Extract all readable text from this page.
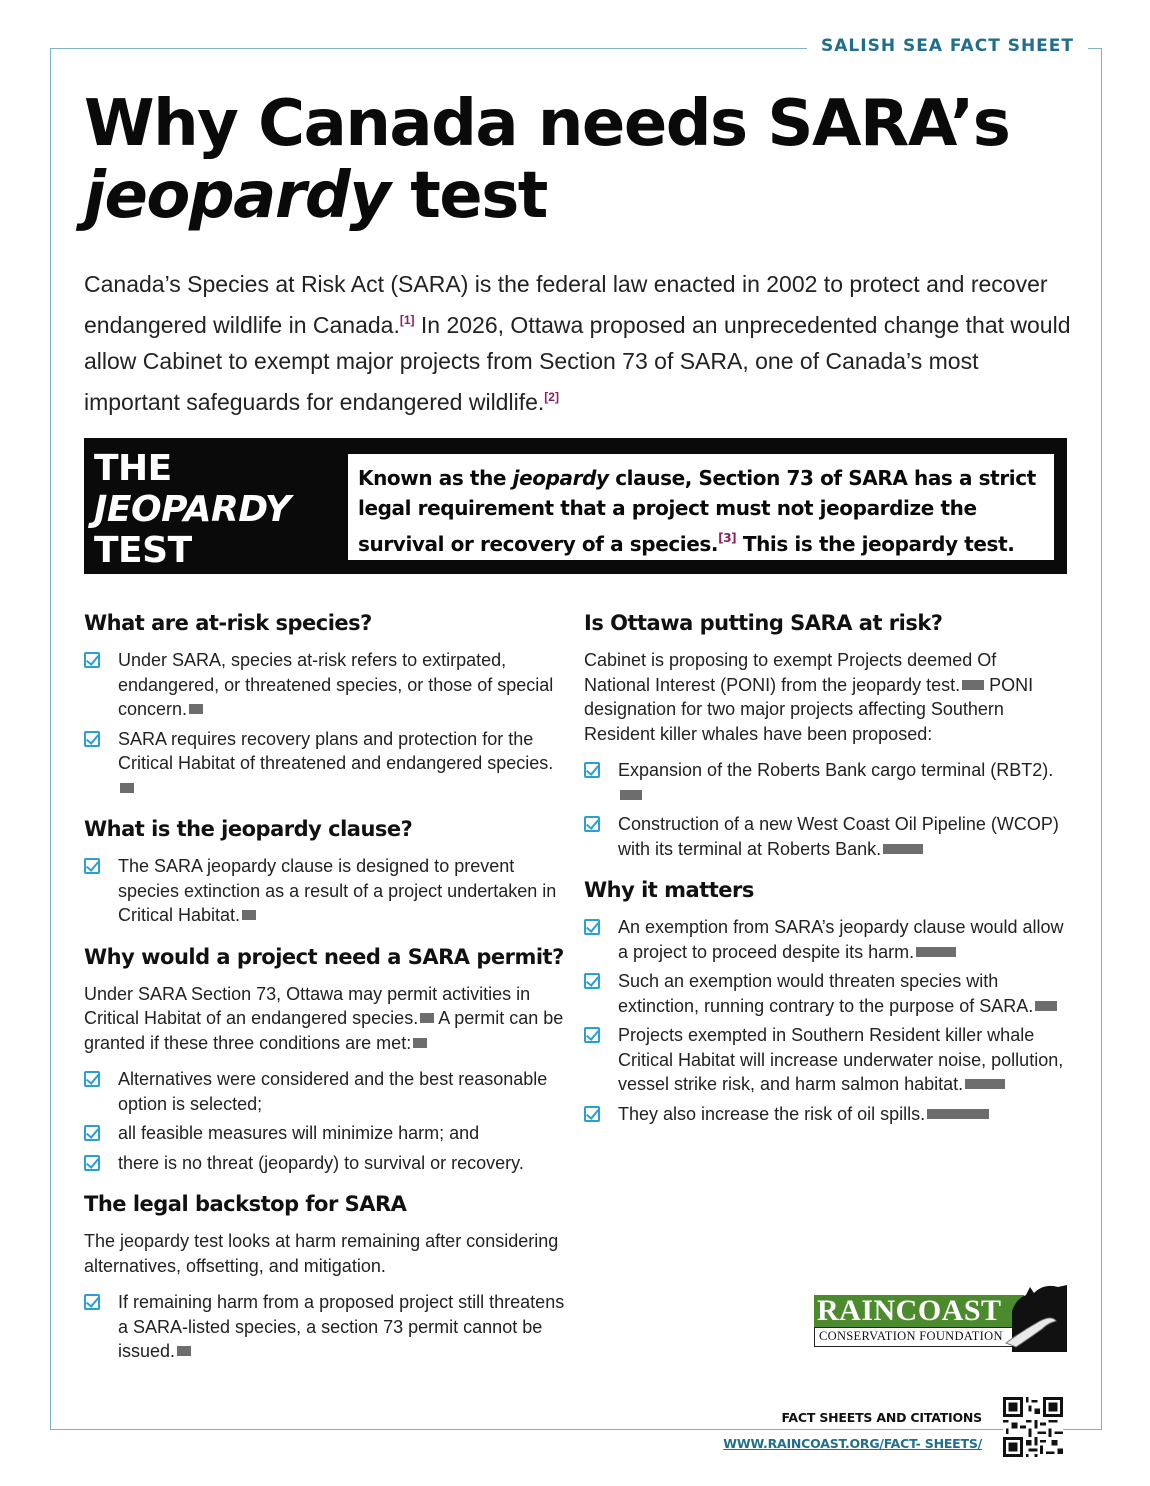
SALISH SEA FACT SHEET
Why Canada needs SARA’s
jeopardy test

Canada’s Species at Risk Act (SARA) is the federal law enacted in 2002 to protect and recover endangered wildlife in Canada.[1] In 2026, Ottawa proposed an unprecedented change that would allow Cabinet to exempt major projects from Section 73 of SARA, one of Canada’s most important safeguards for endangered wildlife.[2]

THE
JEOPARDY
TEST
Known as the jeopardy clause, Section 73 of SARA has a strict legal requirement that a project must not jeopardize the survival or recovery of a species.[3] This is the jeopardy test.
What are at-risk species?
Under SARA, species at-risk refers to extirpated, endangered, or threatened species, or those of special concern.
SARA requires recovery plans and protection for the Critical Habitat of threatened and endangered species.
What is the jeopardy clause?
The SARA jeopardy clause is designed to prevent species extinction as a result of a project undertaken in Critical Habitat.
Why would a project need a SARA permit?

Under SARA Section 73, Ottawa may permit activities in Critical Habitat of an endangered species. A permit can be granted if these three conditions are met:

Alternatives were considered and the best reasonable option is selected;
all feasible measures will minimize harm; and
there is no threat (jeopardy) to survival or recovery.
The legal backstop for SARA

The jeopardy test looks at harm remaining after considering alternatives, offsetting, and mitigation.

If remaining harm from a proposed project still threatens a SARA-listed species, a section 73 permit cannot be issued.
Is Ottawa putting SARA at risk?

Cabinet is proposing to exempt Projects deemed Of National Interest (PONI) from the jeopardy test. PONI designation for two major projects affecting Southern Resident killer whales have been proposed:

Expansion of the Roberts Bank cargo terminal (RBT2).
Construction of a new West Coast Oil Pipeline (WCOP) with its terminal at Roberts Bank.
Why it matters
An exemption from SARA’s jeopardy clause would allow a project to proceed despite its harm.
Such an exemption would threaten species with extinction, running contrary to the purpose of SARA.
Projects exempted in Southern Resident killer whale Critical Habitat will increase underwater noise, pollution, vessel strike risk, and harm salmon habitat.
They also increase the risk of oil spills.
RAINCOAST
CONSERVATION FOUNDATION
FACT SHEETS AND CITATIONS
WWW.RAINCOAST.ORG/FACT- SHEETS/
